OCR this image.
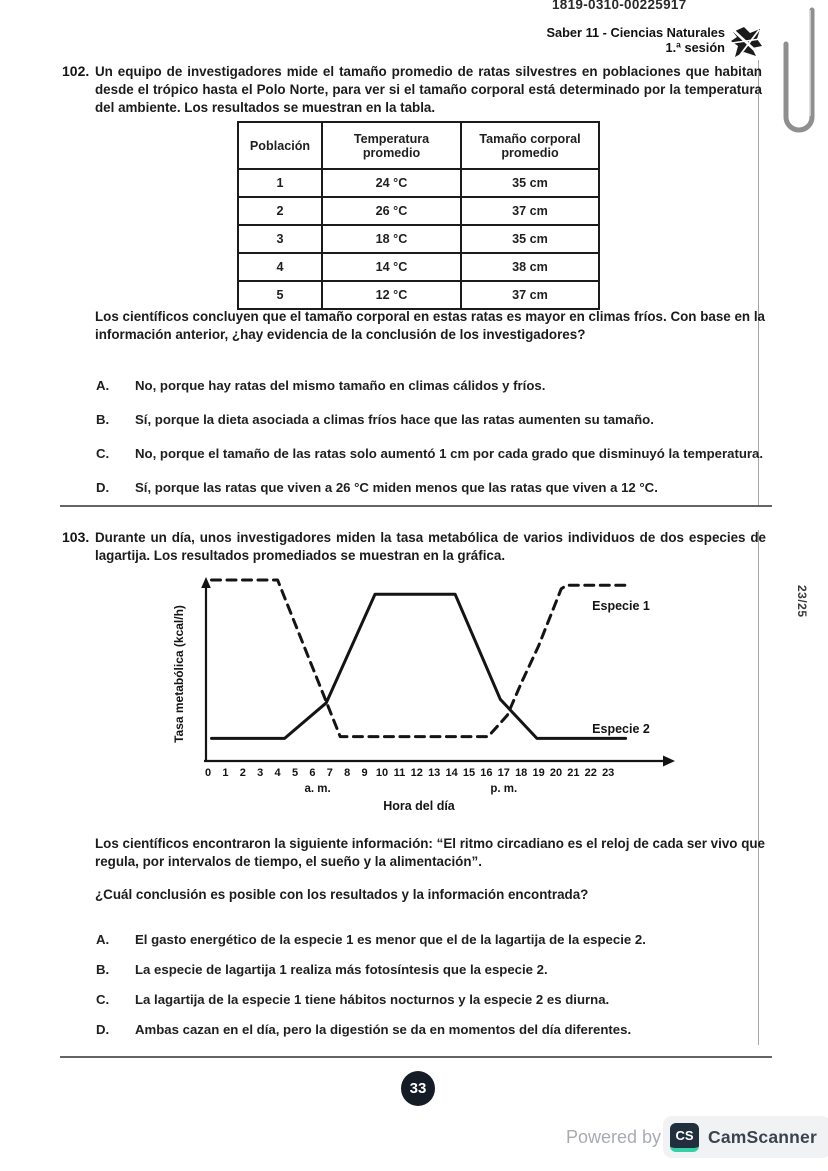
1819-0310-00225917
Saber 11 - Ciencias Naturales
1.ª sesión
23/25
102. Un equipo de investigadores mide el tamaño promedio de ratas silvestres en poblaciones que habitan desde el trópico hasta el Polo Norte, para ver si el tamaño corporal está determinado por la temperatura del ambiente. Los resultados se muestran en la tabla.
Población	Temperatura promedio	Tamaño corporal promedio
1	24 °C	35 cm
2	26 °C	37 cm
3	18 °C	35 cm
4	14 °C	38 cm
5	12 °C	37 cm
Los científicos concluyen que el tamaño corporal en estas ratas es mayor en climas fríos. Con base en la información anterior, ¿hay evidencia de la conclusión de los investigadores?
A.	No, porque hay ratas del mismo tamaño en climas cálidos y fríos.
B.	Sí, porque la dieta asociada a climas fríos hace que las ratas aumenten su tamaño.
C.	No, porque el tamaño de las ratas solo aumentó 1 cm por cada grado que disminuyó la temperatura.
D.	Sí, porque las ratas que viven a 26 °C miden menos que las ratas que viven a 12 °C.
103. Durante un día, unos investigadores miden la tasa metabólica de varios individuos de dos especies de lagartija. Los resultados promediados se muestran en la gráfica.
0 1 2 3 4 5 6 7 8 9 10 11 12 13 14 15 16 17 18 19 20 21 22 23
a. m.	p. m.
Hora del día
Tasa metabólica (kcal/h)	Especie 1
Especie 2
Los científicos encontraron la siguiente información: “El ritmo circadiano es el reloj de cada ser vivo que regula, por intervalos de tiempo, el sueño y la alimentación”.
¿Cuál conclusión es posible con los resultados y la información encontrada?
A.	El gasto energético de la especie 1 es menor que el de la lagartija de la especie 2.
B.	La especie de lagartija 1 realiza más fotosíntesis que la especie 2.
C.	La lagartija de la especie 1 tiene hábitos nocturnos y la especie 2 es diurna.
D.	Ambas cazan en el día, pero la digestión se da en momentos del día diferentes.
33
Powered by	CS CamScanner
